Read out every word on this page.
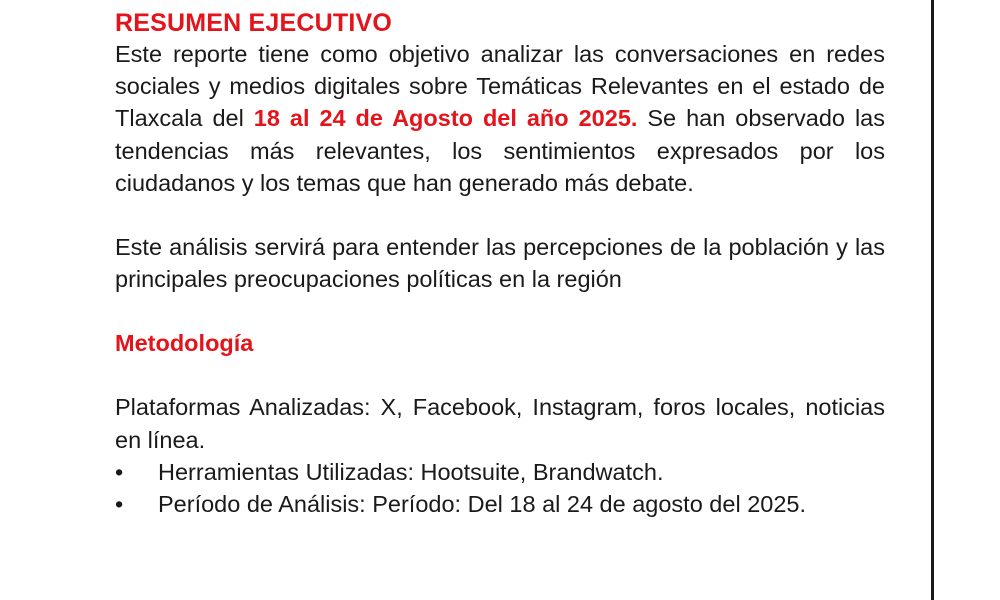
RESUMEN EJECUTIVO

Este reporte tiene como objetivo analizar las conversaciones en redes sociales y medios digitales sobre Temáticas Relevantes en el estado de Tlaxcala del 18 al 24 de Agosto del año 2025. Se han observado las tendencias más relevantes, los sentimientos expresados por los ciudadanos y los temas que han generado más debate.

Este análisis servirá para entender las percepciones de la población y las principales preocupaciones políticas en la región

Metodología

Plataformas Analizadas: X, Facebook, Instagram, foros locales, noticias en línea.

• Herramientas Utilizadas: Hootsuite, Brandwatch.
• Período de Análisis: Período: Del 18 al 24 de agosto del 2025.
